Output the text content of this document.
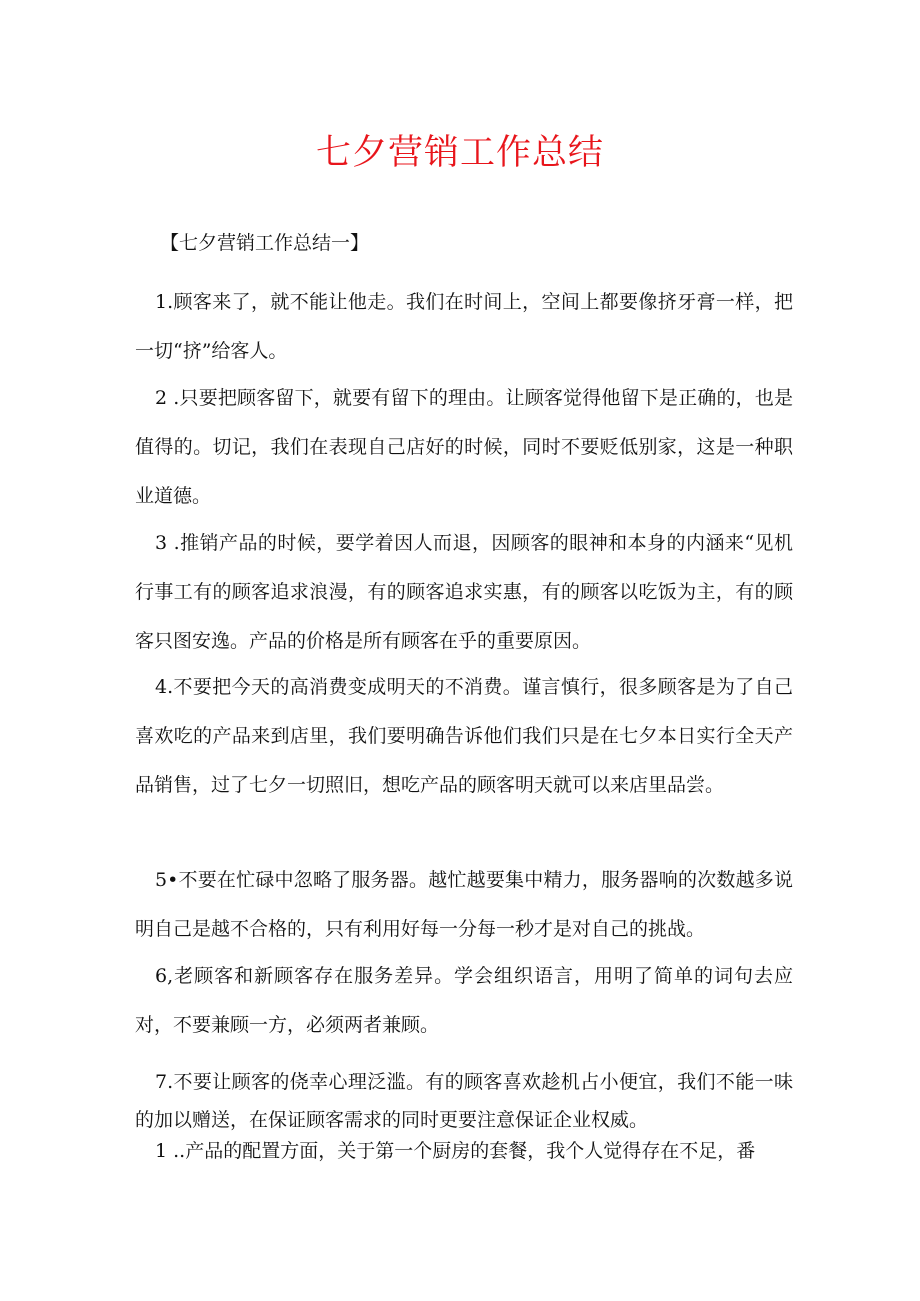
七夕营销工作总结
【七夕营销工作总结一】
1.顾客来了，就不能让他走。我们在时间上，空间上都要像挤牙膏一样，把一切“挤”给客人。
2 .只要把顾客留下，就要有留下的理由。让顾客觉得他留下是正确的，也是值得的。切记，我们在表现自己店好的时候，同时不要贬低别家，这是一种职业道德。
3 .推销产品的时候，要学着因人而退，因顾客的眼神和本身的内涵来“见机行事工有的顾客追求浪漫，有的顾客追求实惠，有的顾客以吃饭为主，有的顾客只图安逸。产品的价格是所有顾客在乎的重要原因。
4.不要把今天的高消费变成明天的不消费。谨言慎行，很多顾客是为了自己喜欢吃的产品来到店里，我们要明确告诉他们我们只是在七夕本日实行全天产品销售，过了七夕一切照旧，想吃产品的顾客明天就可以来店里品尝。
5•不要在忙碌中忽略了服务器。越忙越要集中精力，服务器响的次数越多说明自己是越不合格的，只有利用好每一分每一秒才是对自己的挑战。
6,老顾客和新顾客存在服务差异。学会组织语言，用明了简单的词句去应对，不要兼顾一方，必须两者兼顾。
7.不要让顾客的侥幸心理泛滥。有的顾客喜欢趁机占小便宜，我们不能一味的加以赠送，在保证顾客需求的同时更要注意保证企业权威。
1 ..产品的配置方面，关于第一个厨房的套餐，我个人觉得存在不足，番
